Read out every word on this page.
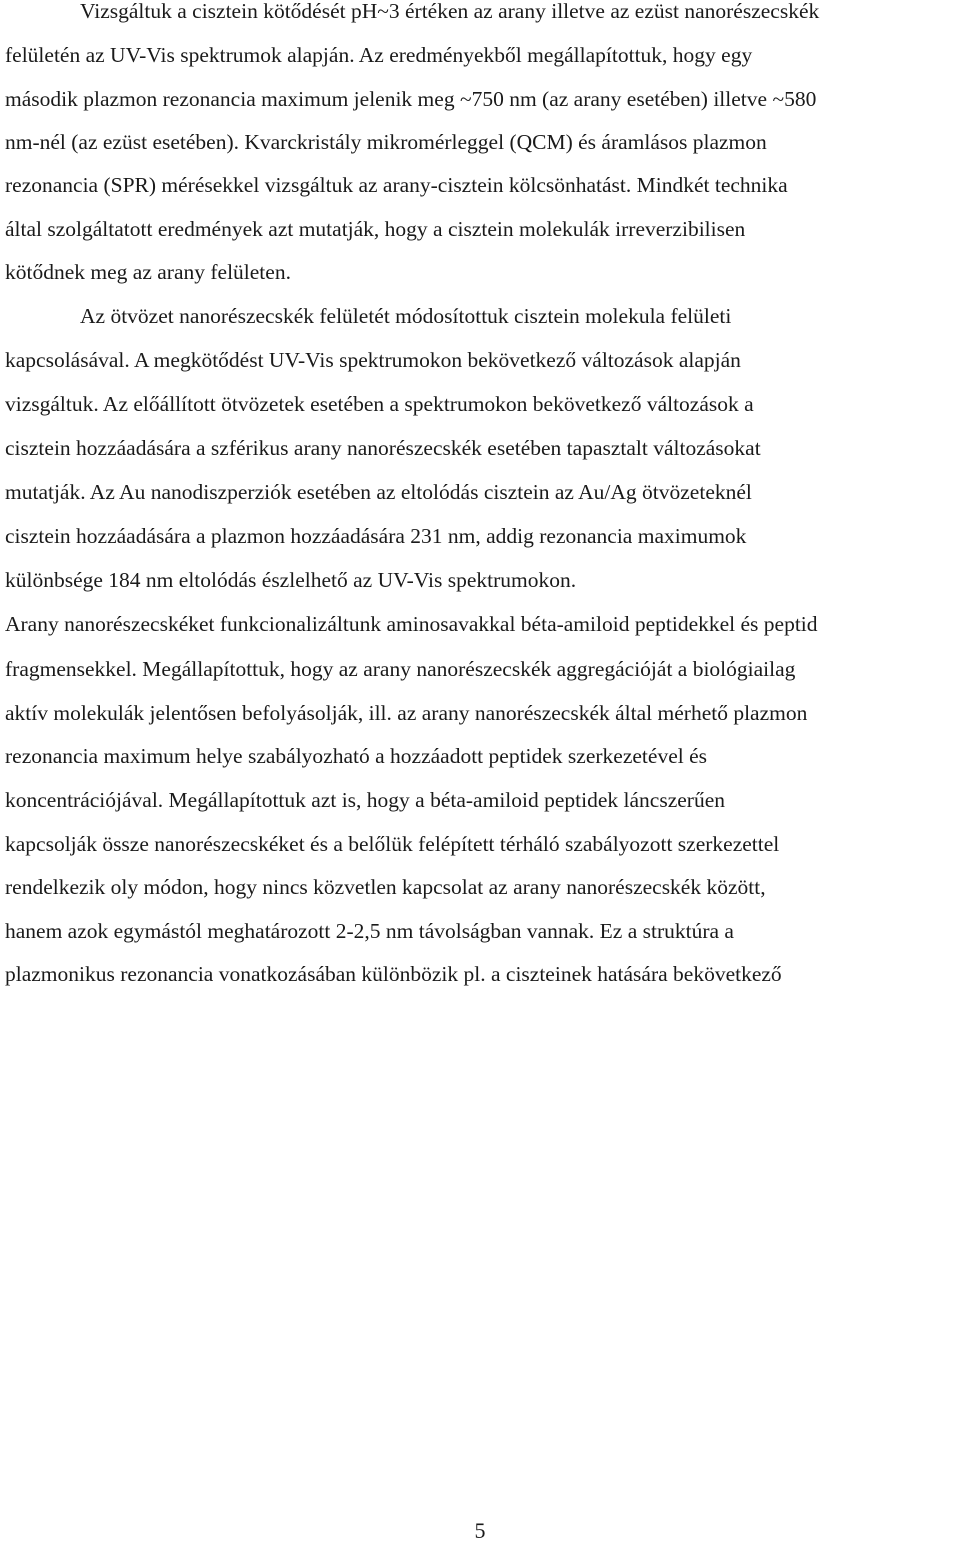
Vizsgáltuk a cisztein kötődését pH~3 értéken az arany illetve az ezüst nanorészecskék
felületén az UV-Vis spektrumok alapján. Az eredményekből megállapítottuk, hogy egy
második plazmon rezonancia maximum jelenik meg ~750 nm (az arany esetében) illetve ~580
nm-nél (az ezüst esetében). Kvarckristály mikromérleggel (QCM) és áramlásos plazmon
rezonancia (SPR) mérésekkel vizsgáltuk az arany-cisztein kölcsönhatást. Mindkét technika
által szolgáltatott eredmények azt mutatják, hogy a cisztein molekulák irreverzibilisen
kötődnek meg az arany felületen.
Az ötvözet nanorészecskék felületét módosítottuk cisztein molekula felületi
kapcsolásával. A megkötődést UV-Vis spektrumokon bekövetkező változások alapján
vizsgáltuk. Az előállított ötvözetek esetében a spektrumokon bekövetkező változások a
cisztein hozzáadására a szférikus arany nanorészecskék esetében tapasztalt változásokat
mutatják. Az Au nanodiszperziók esetében az eltolódás cisztein az Au/Ag ötvözeteknél
cisztein hozzáadására a plazmon hozzáadására 231 nm, addig rezonancia maximumok
különbsége 184 nm eltolódás észlelhető az UV-Vis spektrumokon.
Arany nanorészecskéket funkcionalizáltunk aminosavakkal béta-amiloid peptidekkel és peptid
fragmensekkel. Megállapítottuk, hogy az arany nanorészecskék aggregációját a biológiailag
aktív molekulák jelentősen befolyásolják, ill. az arany nanorészecskék által mérhető plazmon
rezonancia maximum helye szabályozható a hozzáadott peptidek szerkezetével és
koncentrációjával. Megállapítottuk azt is, hogy a béta-amiloid peptidek láncszerűen
kapcsolják össze nanorészecskéket és a belőlük felépített térháló szabályozott szerkezettel
rendelkezik oly módon, hogy nincs közvetlen kapcsolat az arany nanorészecskék között,
hanem azok egymástól meghatározott 2-2,5 nm távolságban vannak. Ez a struktúra a
plazmonikus rezonancia vonatkozásában különbözik pl. a ciszteinek hatására bekövetkező
5
